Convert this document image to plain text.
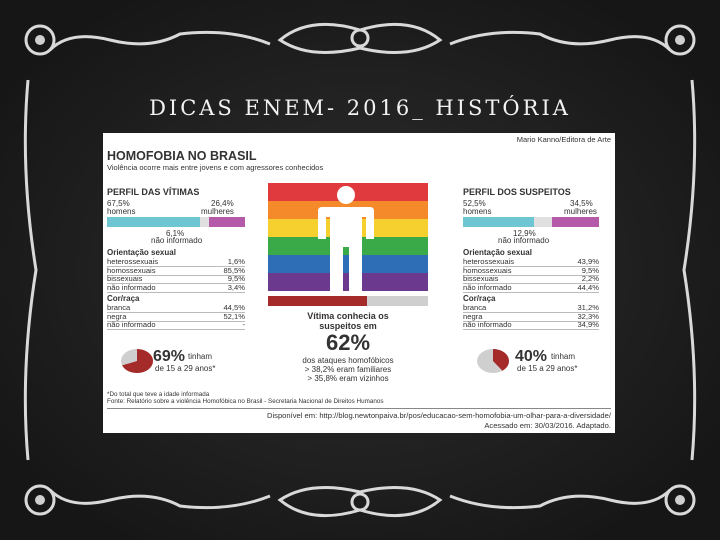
DICAS ENEM- 2016_ HISTÓRIA
Mario Kanno/Editora de Arte
HOMOFOBIA NO BRASIL
Violência ocorre mais entre jovens e com agressores conhecidos
PERFIL DAS VÍTIMAS
67,5%
homens
26,4%
mulheres
6,1%
não informado
Orientação sexual
heterossexuais	1,6%
homossexuais	85,5%
bissexuais	9,5%
não informado	3,4%
Cor/raça
branca	44,5%
negra	52,1%
não informado	-
69% tinham
de 15 a 29 anos*
Vítima conhecia os
suspeitos em
62%
dos ataques homofóbicos
> 38,2% eram familiares
> 35,8% eram vizinhos
PERFIL DOS SUSPEITOS
52,5%
homens
34,5%
mulheres
12,9%
não informado
Orientação sexual
heterossexuais	43,9%
homossexuais	9,5%
bissexuais	2,2%
não informado	44,4%
Cor/raça
branca	31,2%
negra	32,3%
não informado	34,9%
40% tinham
de 15 a 29 anos*
*Do total que teve a idade informada
Fonte: Relatório sobre a violência Homofóbica no Brasil - Secretaria Nacional de Direitos Humanos
Disponível em: http://blog.newtonpaiva.br/pos/educacao-sem-homofobia-um-olhar-para-a-diversidade/
Acessado em: 30/03/2016. Adaptado.
